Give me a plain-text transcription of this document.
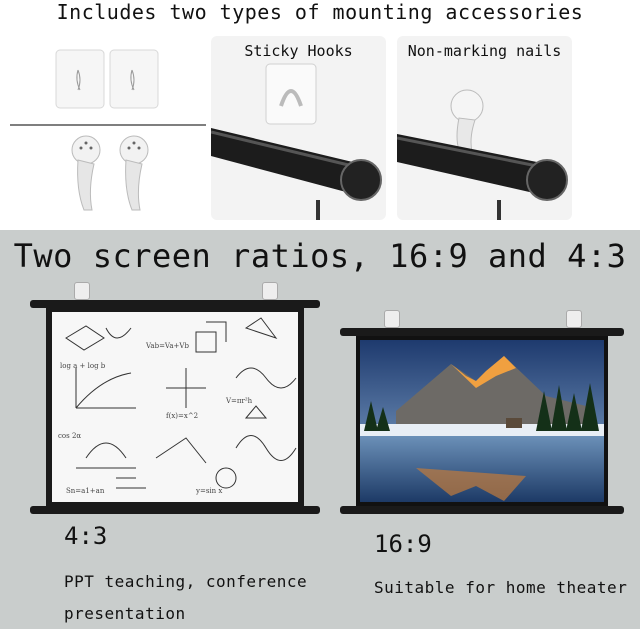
Includes two types of mounting accessories
Sticky Hooks	Non-marking nails
Two screen ratios, 16:9 and 4:3
log a + log b
Vab=Va+Vb
f(x)=x^2
cos 2α
V=πr²h
Sn=a1+an	y=sin x
4:3	16:9
PPT teaching, conference presentation
Suitable for home theater
